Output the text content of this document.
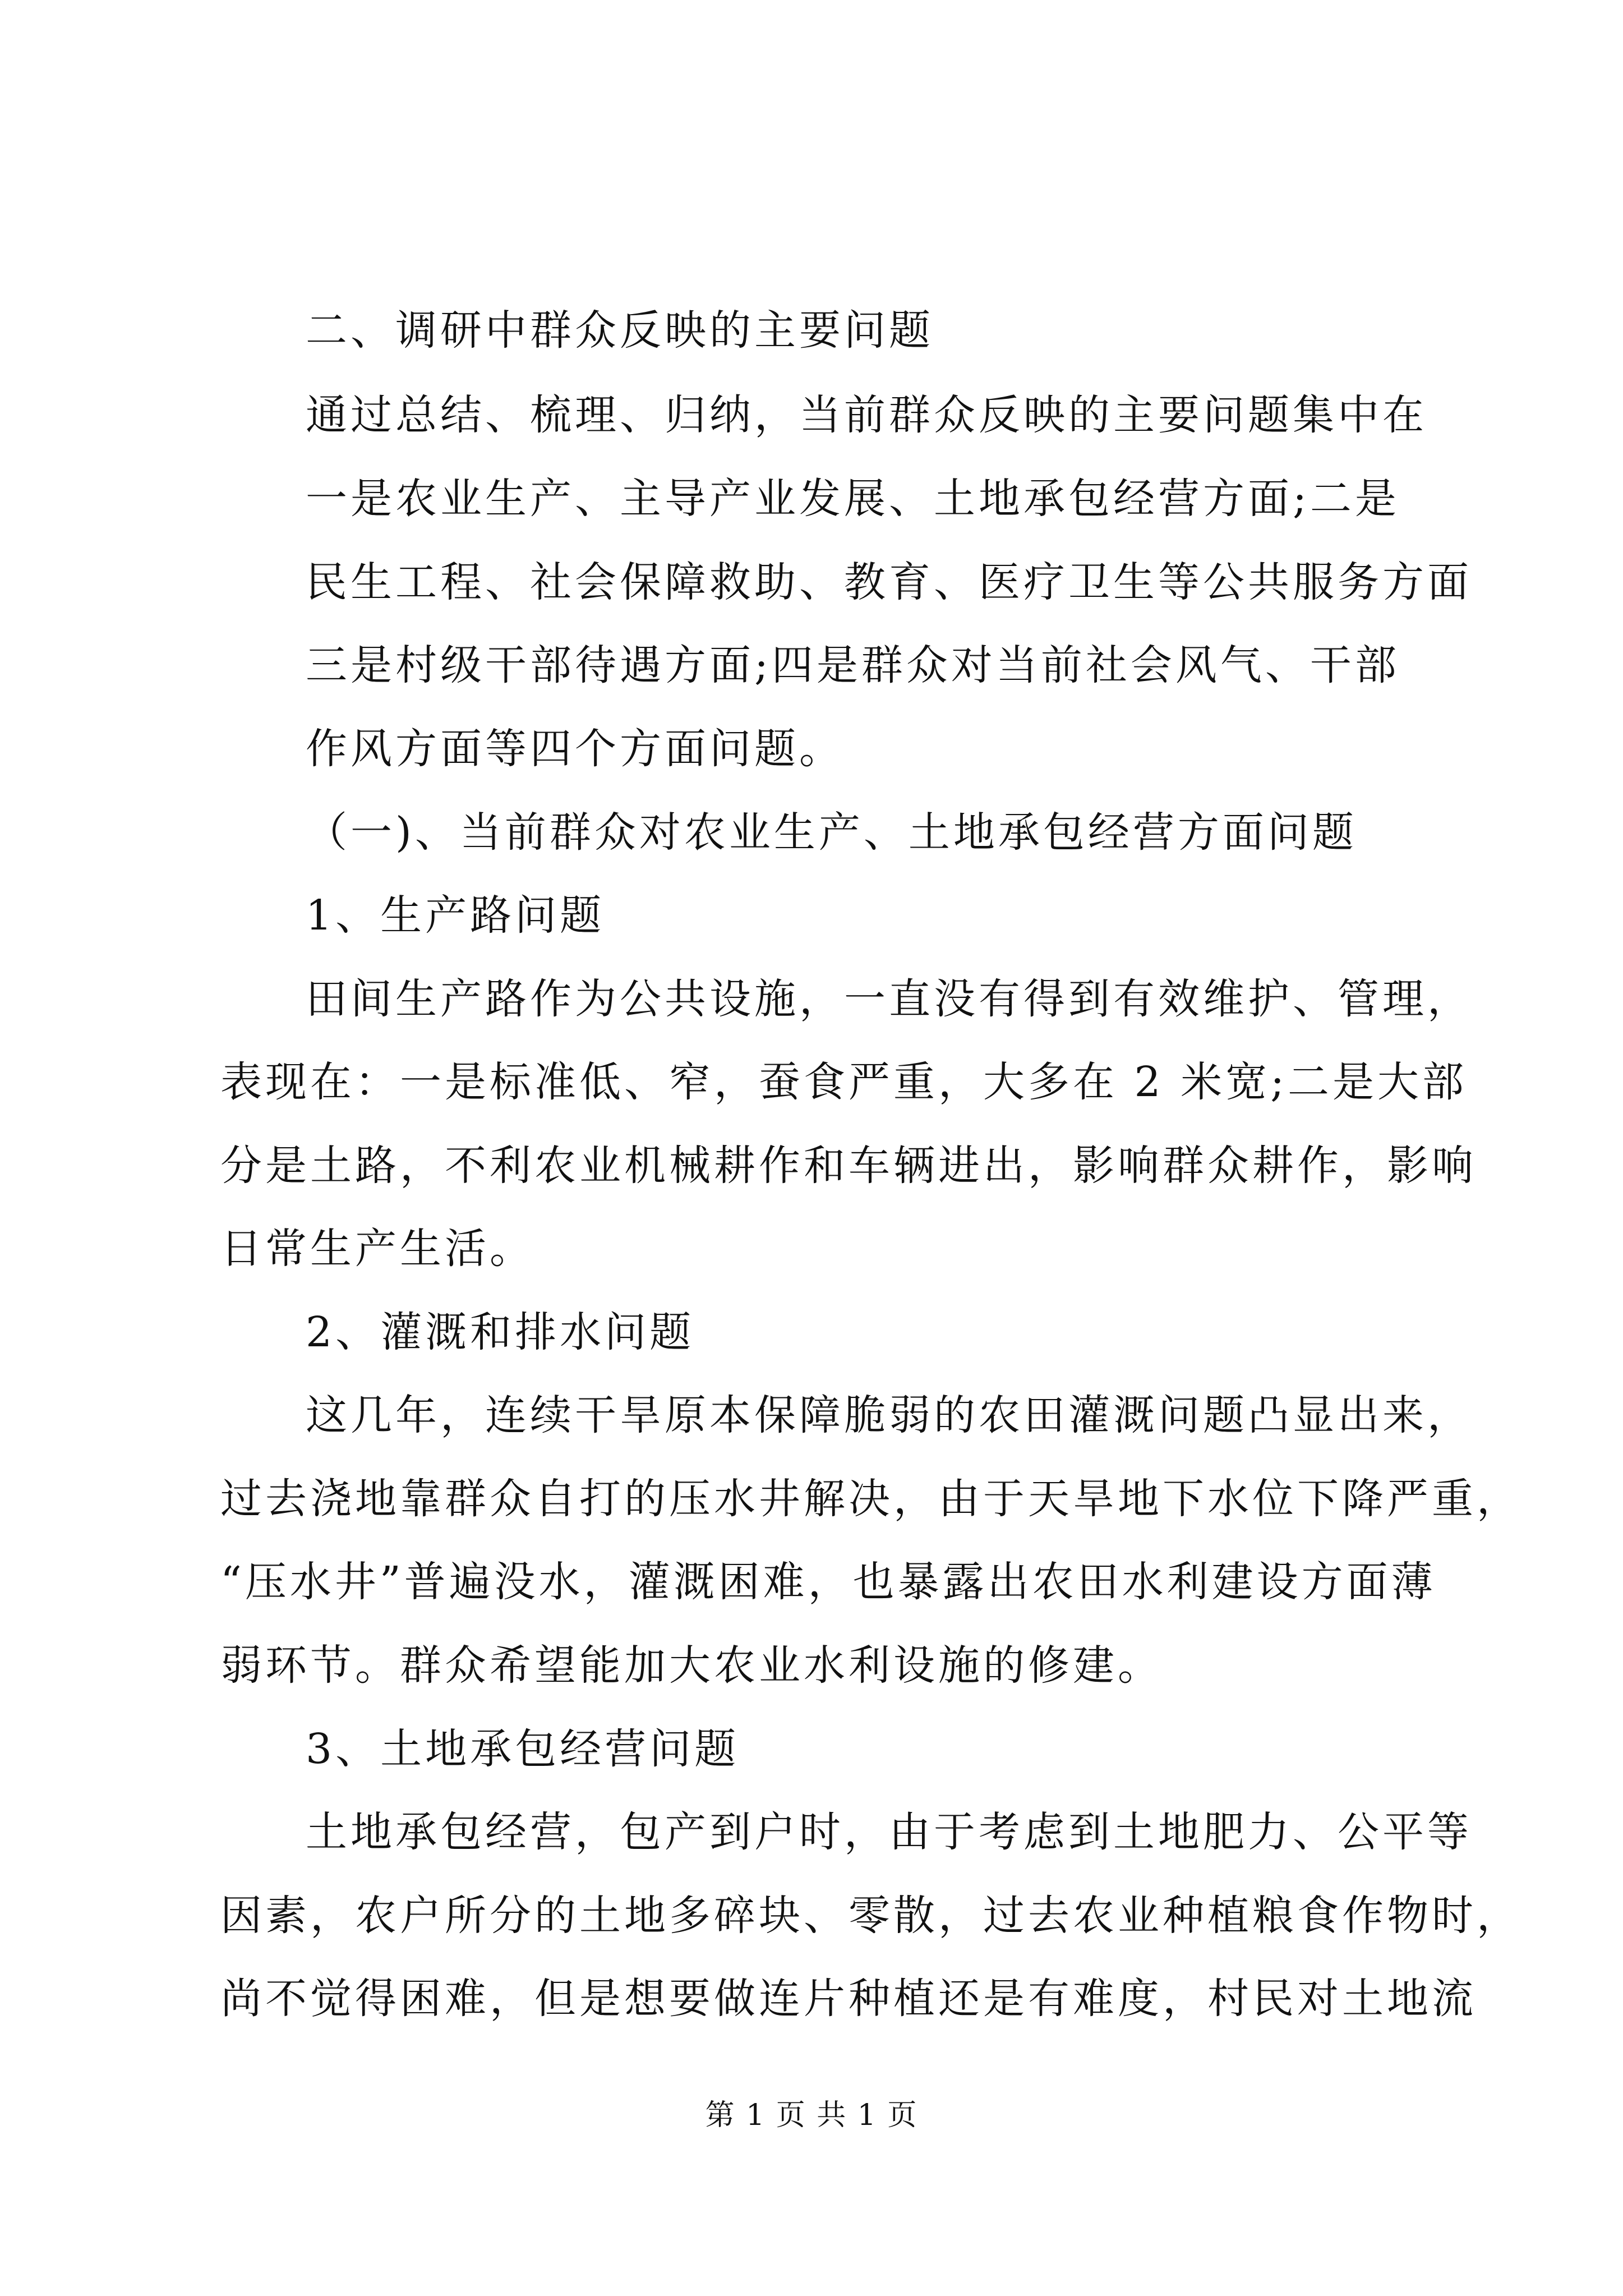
二、调研中群众反映的主要问题
通过总结、梳理、归纳，当前群众反映的主要问题集中在
一是农业生产、主导产业发展、土地承包经营方面;二是
民生工程、社会保障救助、教育、医疗卫生等公共服务方面
三是村级干部待遇方面;四是群众对当前社会风气、干部
作风方面等四个方面问题。
（一)、当前群众对农业生产、土地承包经营方面问题
1、生产路问题
田间生产路作为公共设施，一直没有得到有效维护、管理，
表现在：一是标准低、窄，蚕食严重，大多在 2 米宽;二是大部
分是土路，不利农业机械耕作和车辆进出，影响群众耕作，影响
日常生产生活。
2、灌溉和排水问题
这几年，连续干旱原本保障脆弱的农田灌溉问题凸显出来，
过去浇地靠群众自打的压水井解决，由于天旱地下水位下降严重，
“压水井”普遍没水，灌溉困难，也暴露出农田水利建设方面薄
弱环节。群众希望能加大农业水利设施的修建。
3、土地承包经营问题
土地承包经营，包产到户时，由于考虑到土地肥力、公平等
因素，农户所分的土地多碎块、零散，过去农业种植粮食作物时，
尚不觉得困难，但是想要做连片种植还是有难度，村民对土地流
第 1 页 共 1 页
